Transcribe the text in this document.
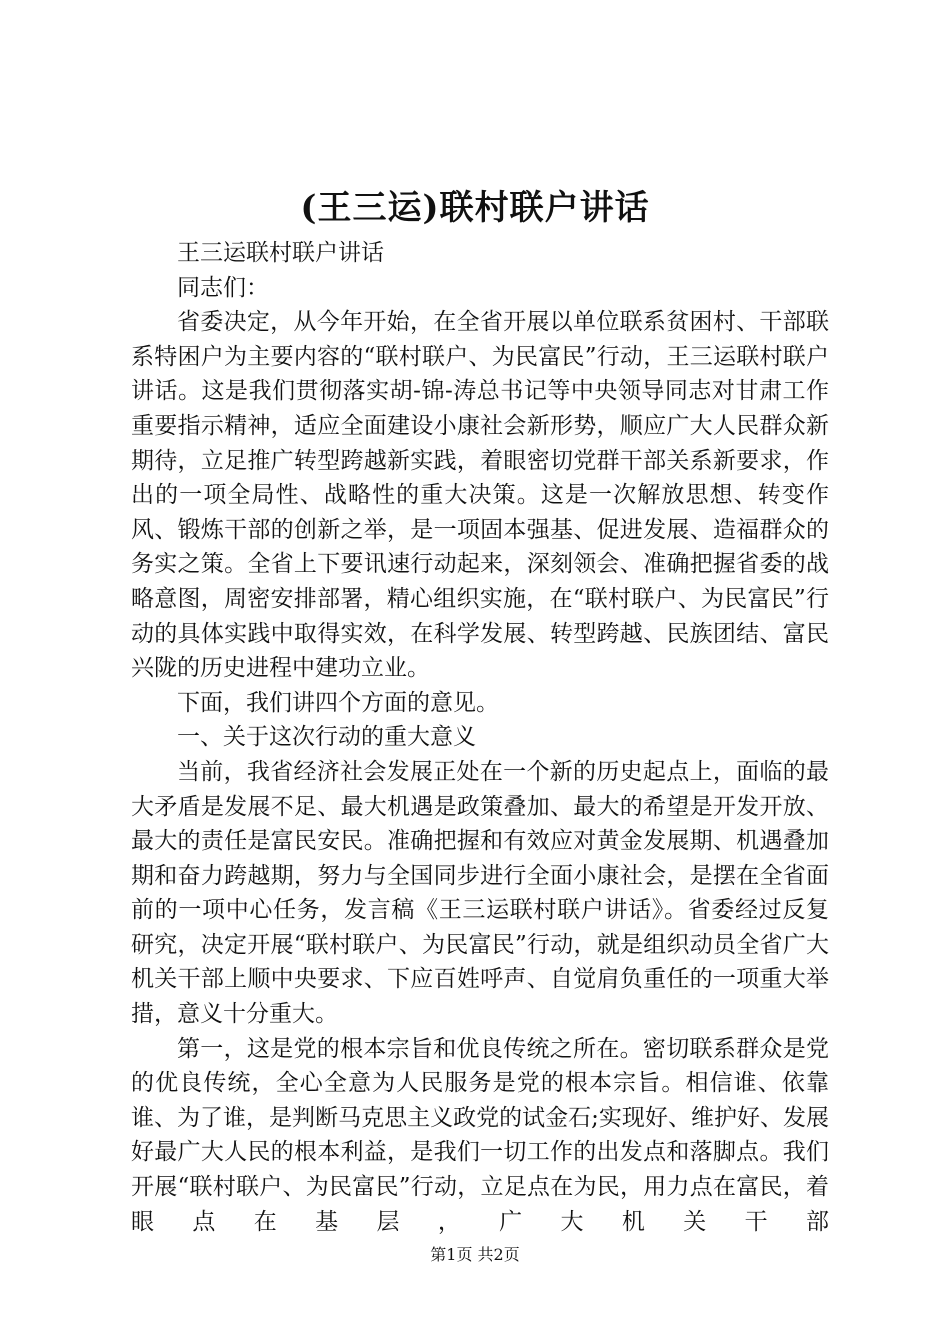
(王三运)联村联户讲话

王三运联村联户讲话

同志们：

省委决定，从今年开始，在全省开展以单位联系贫困村、干部联系特困户为主要内容的“联村联户、为民富民”行动，王三运联村联户讲话。这是我们贯彻落实胡-锦-涛总书记等中央领导同志对甘肃工作重要指示精神，适应全面建设小康社会新形势，顺应广大人民群众新期待，立足推广转型跨越新实践，着眼密切党群干部关系新要求，作出的一项全局性、战略性的重大决策。这是一次解放思想、转变作风、锻炼干部的创新之举，是一项固本强基、促进发展、造福群众的务实之策。全省上下要讯速行动起来，深刻领会、准确把握省委的战略意图，周密安排部署，精心组织实施，在“联村联户、为民富民”行动的具体实践中取得实效，在科学发展、转型跨越、民族团结、富民兴陇的历史进程中建功立业。

下面，我们讲四个方面的意见。

一、关于这次行动的重大意义

当前，我省经济社会发展正处在一个新的历史起点上，面临的最大矛盾是发展不足、最大机遇是政策叠加、最大的希望是开发开放、最大的责任是富民安民。准确把握和有效应对黄金发展期、机遇叠加期和奋力跨越期，努力与全国同步进行全面小康社会，是摆在全省面前的一项中心任务，发言稿《王三运联村联户讲话》。省委经过反复研究，决定开展“联村联户、为民富民”行动，就是组织动员全省广大机关干部上顺中央要求、下应百姓呼声、自觉肩负重任的一项重大举措，意义十分重大。

第一，这是党的根本宗旨和优良传统之所在。密切联系群众是党的优良传统，全心全意为人民服务是党的根本宗旨。相信谁、依靠谁、为了谁，是判断马克思主义政党的试金石;实现好、维护好、发展好最广大人民的根本利益，是我们一切工作的出发点和落脚点。我们开展“联村联户、为民富民”行动，立足点在为民，用力点在富民，着眼点在基层，广大机关干部

第1页 共2页
